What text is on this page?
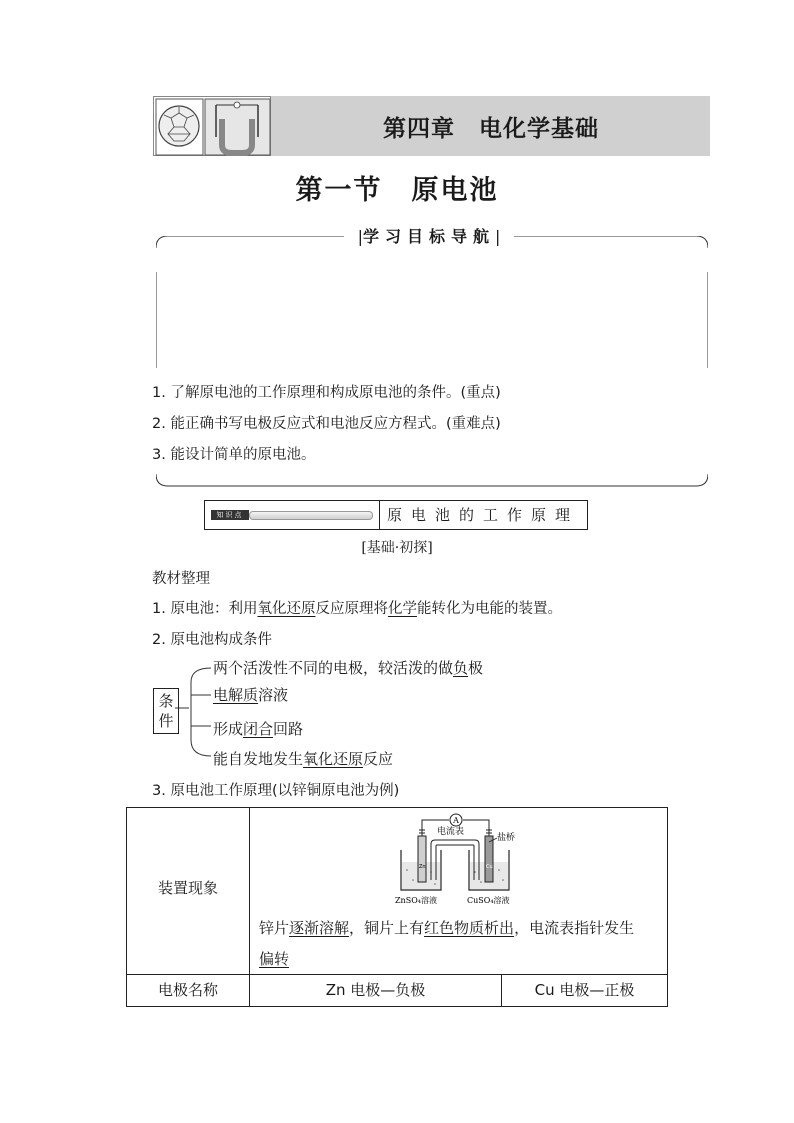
第四章　电化学基础
第一节　原电池
|学习目标导航|
1. 了解原电池的工作原理和构成原电池的条件。(重点)
2. 能正确书写电极反应式和电池反应方程式。(重难点)
3. 能设计简单的原电池。
知识点	原电池的工作原理
[基础·初探]
教材整理
1. 原电池：利用氧化还原反应原理将化学能转化为电能的装置。
2. 原电池构成条件
条件
两个活泼性不同的电极，较活泼的做负极
电解质溶液
形成闭合回路
能自发地发生氧化还原反应
3. 原电池工作原理(以锌铜原电池为例)
装置现象
A
电流表
Zn	Cu
盐桥
ZnSO₄溶液	CuSO₄溶液
锌片逐渐溶解，铜片上有红色物质析出，电流表指针发生
偏转
电极名称	Zn 电极—负极	Cu 电极—正极
